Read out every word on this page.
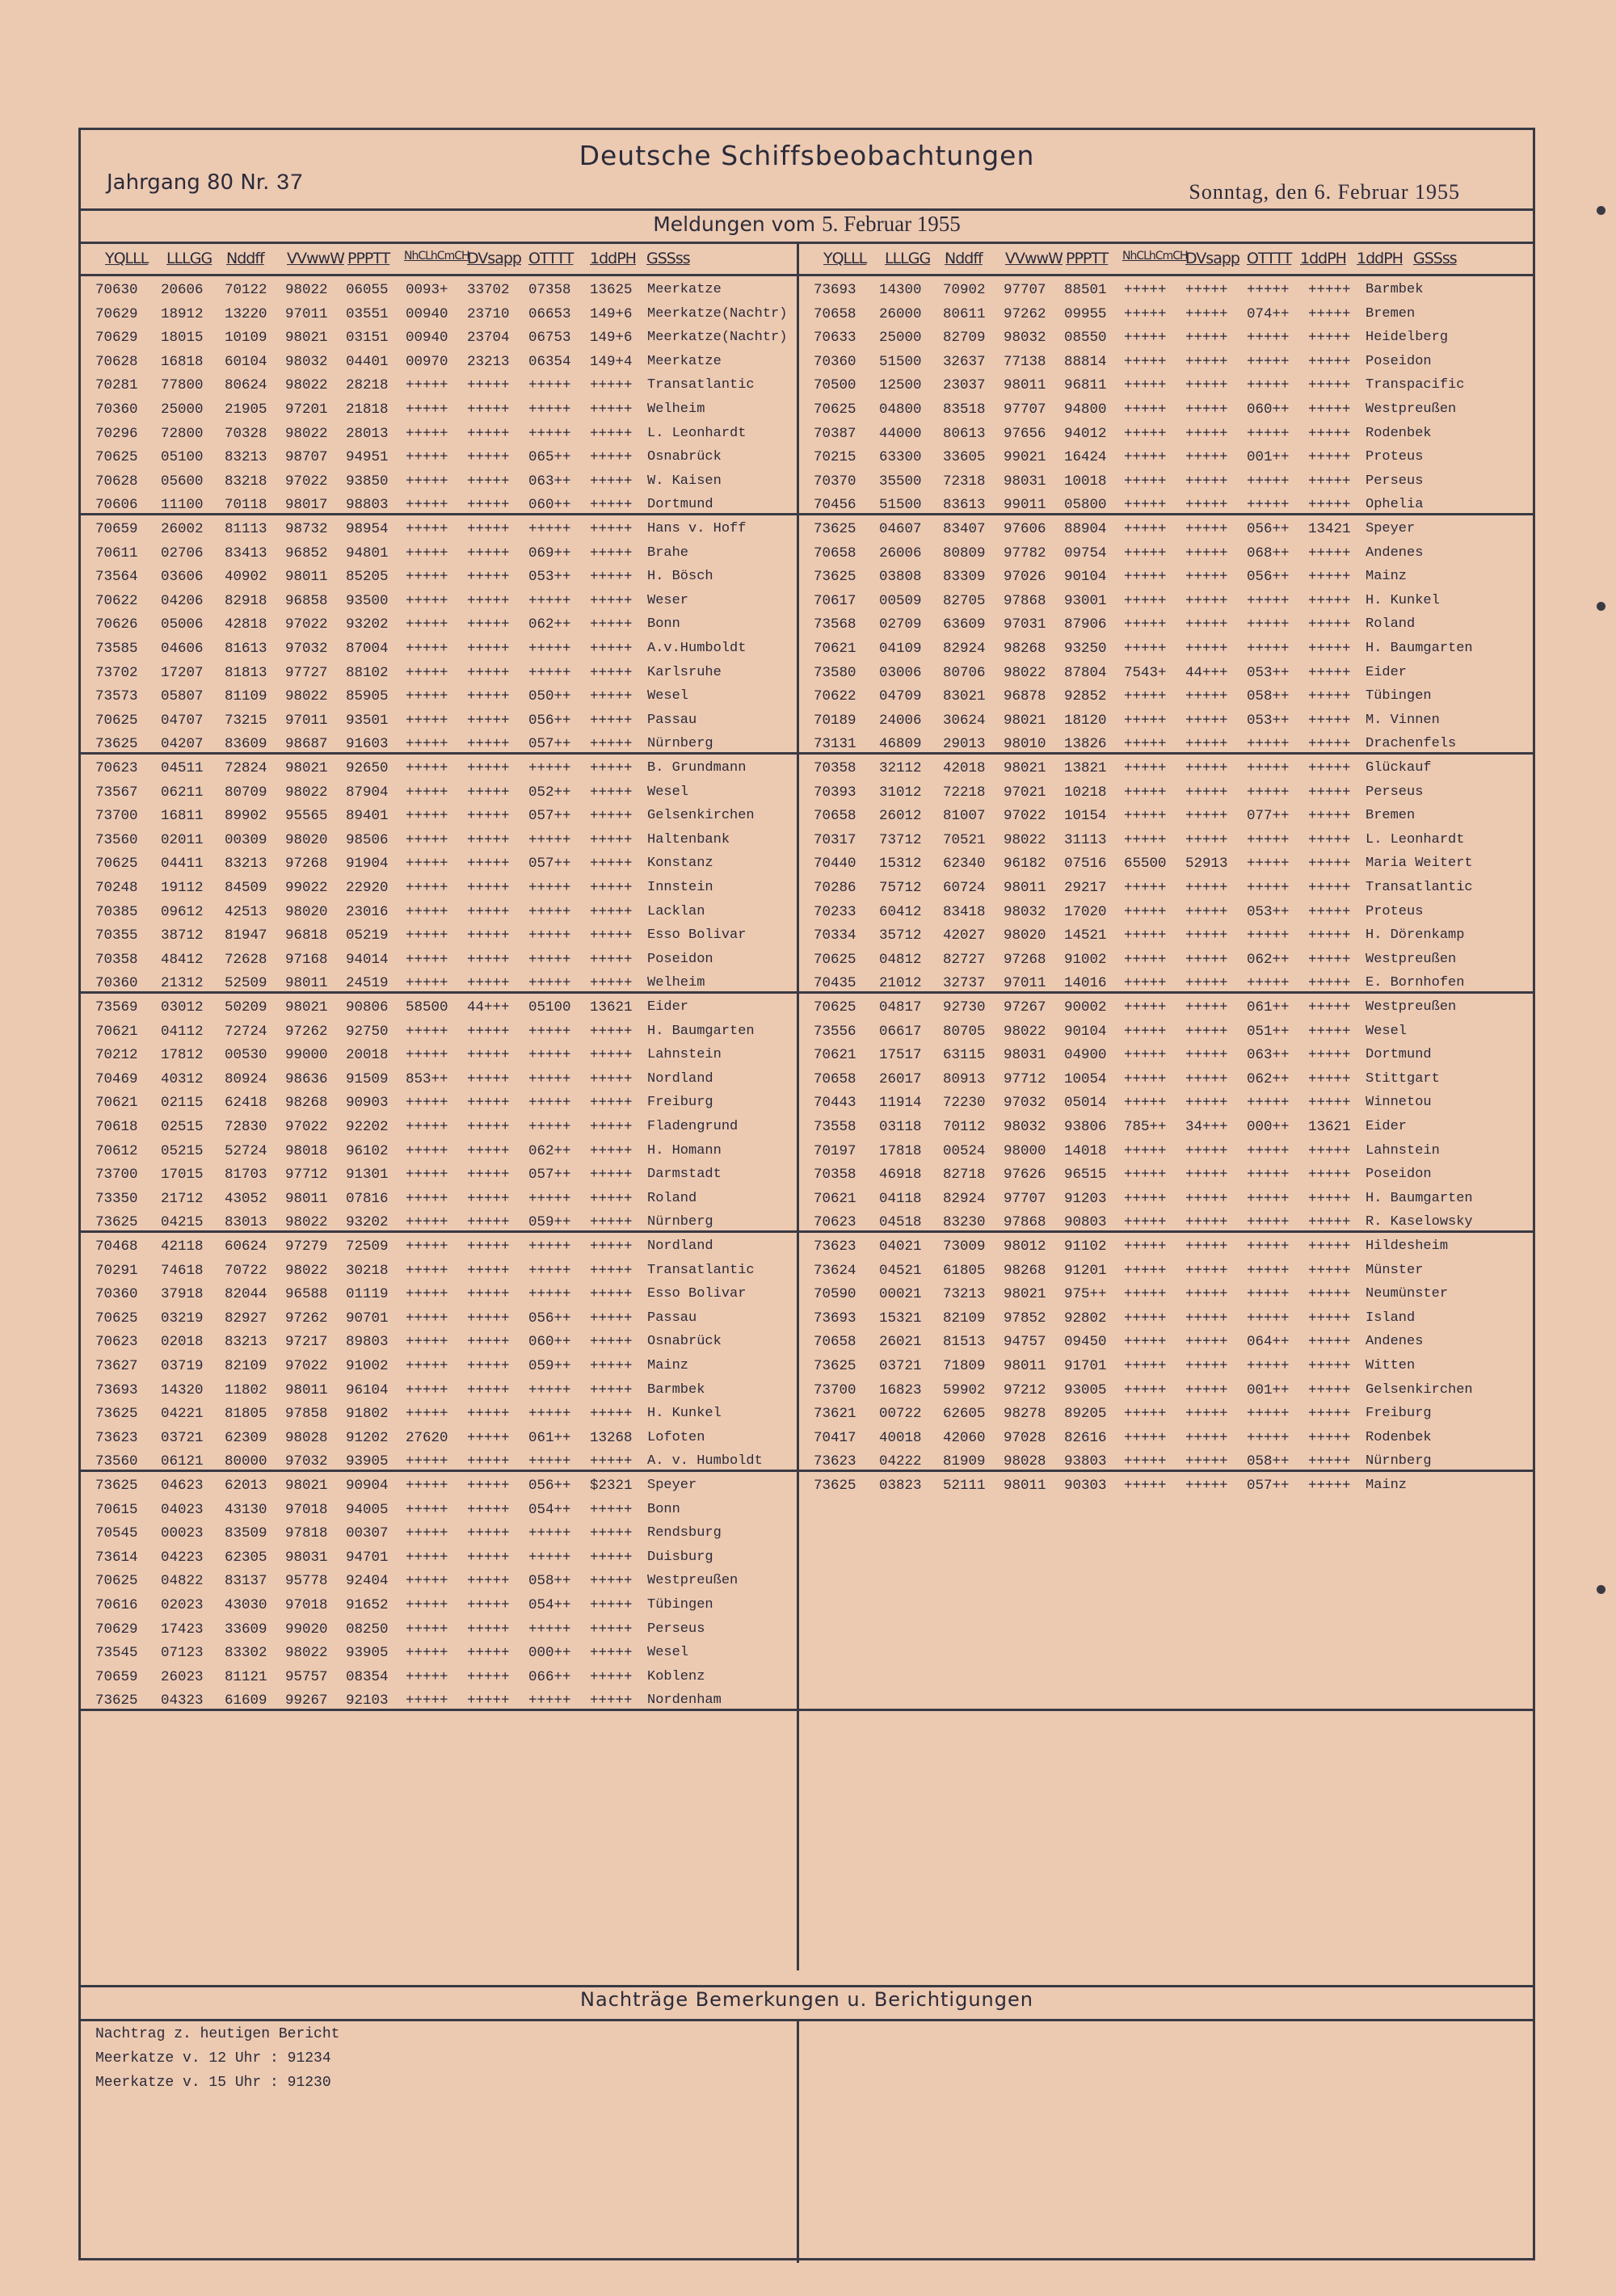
Deutsche Schiffsbeobachtungen
Jahrgang 80 Nr. 37	Sonntag, den 6. Februar 1955
Meldungen vom 5. Februar 1955
YQLLL LLLGG Nddff VVwwW PPPTT NhCLhCmCH
DVsapp OTTTT 1ddPH GSSss	YQLLL LLLGG Nddff VVwwW PPPTT NhCLhCmCH
DVsapp OTTTT 1ddPH 1ddPH GSSss
70630 20606 70122 98022 06055 0093+ 33702 07358 13625 Meerkatze
70629 18912 13220 97011 03551 00940 23710 06653 149+6 Meerkatze(Nachtr)
70629 18015 10109 98021 03151 00940 23704 06753 149+6 Meerkatze(Nachtr)
70628 16818 60104 98032 04401 00970 23213 06354 149+4 Meerkatze
70281 77800 80624 98022 28218 +++++ +++++ +++++ +++++ Transatlantic
70360 25000 21905 97201 21818 +++++ +++++ +++++ +++++ Welheim
70296 72800 70328 98022 28013 +++++ +++++ +++++ +++++ L. Leonhardt
70625 05100 83213 98707 94951 +++++ +++++ 065++ +++++ Osnabrück
70628 05600 83218 97022 93850 +++++ +++++ 063++ +++++ W. Kaisen
70606 11100 70118 98017 98803 +++++ +++++ 060++ +++++ Dortmund
70659 26002 81113 98732 98954 +++++ +++++ +++++ +++++ Hans v. Hoff
70611 02706 83413 96852 94801 +++++ +++++ 069++ +++++ Brahe
73564 03606 40902 98011 85205 +++++ +++++ 053++ +++++ H. Bösch
70622 04206 82918 96858 93500 +++++ +++++ +++++ +++++ Weser
70626 05006 42818 97022 93202 +++++ +++++ 062++ +++++ Bonn
73585 04606 81613 97032 87004 +++++ +++++ +++++ +++++ A.v.Humboldt
73702 17207 81813 97727 88102 +++++ +++++ +++++ +++++ Karlsruhe
73573 05807 81109 98022 85905 +++++ +++++ 050++ +++++ Wesel
70625 04707 73215 97011 93501 +++++ +++++ 056++ +++++ Passau
73625 04207 83609 98687 91603 +++++ +++++ 057++ +++++ Nürnberg
70623 04511 72824 98021 92650 +++++ +++++ +++++ +++++ B. Grundmann
73567 06211 80709 98022 87904 +++++ +++++ 052++ +++++ Wesel
73700 16811 89902 95565 89401 +++++ +++++ 057++ +++++ Gelsenkirchen
73560 02011 00309 98020 98506 +++++ +++++ +++++ +++++ Haltenbank
70625 04411 83213 97268 91904 +++++ +++++ 057++ +++++ Konstanz
70248 19112 84509 99022 22920 +++++ +++++ +++++ +++++ Innstein
70385 09612 42513 98020 23016 +++++ +++++ +++++ +++++ Lacklan
70355 38712 81947 96818 05219 +++++ +++++ +++++ +++++ Esso Bolivar
70358 48412 72628 97168 94014 +++++ +++++ +++++ +++++ Poseidon
70360 21312 52509 98011 24519 +++++ +++++ +++++ +++++ Welheim
73569 03012 50209 98021 90806 58500 44+++ 05100 13621 Eider
70621 04112 72724 97262 92750 +++++ +++++ +++++ +++++ H. Baumgarten
70212 17812 00530 99000 20018 +++++ +++++ +++++ +++++ Lahnstein
70469 40312 80924 98636 91509 853++ +++++ +++++ +++++ Nordland
70621 02115 62418 98268 90903 +++++ +++++ +++++ +++++ Freiburg
70618 02515 72830 97022 92202 +++++ +++++ +++++ +++++ Fladengrund
70612 05215 52724 98018 96102 +++++ +++++ 062++ +++++ H. Homann
73700 17015 81703 97712 91301 +++++ +++++ 057++ +++++ Darmstadt
73350 21712 43052 98011 07816 +++++ +++++ +++++ +++++ Roland
73625 04215 83013 98022 93202 +++++ +++++ 059++ +++++ Nürnberg
70468 42118 60624 97279 72509 +++++ +++++ +++++ +++++ Nordland
70291 74618 70722 98022 30218 +++++ +++++ +++++ +++++ Transatlantic
70360 37918 82044 96588 01119 +++++ +++++ +++++ +++++ Esso Bolivar
70625 03219 82927 97262 90701 +++++ +++++ 056++ +++++ Passau
70623 02018 83213 97217 89803 +++++ +++++ 060++ +++++ Osnabrück
73627 03719 82109 97022 91002 +++++ +++++ 059++ +++++ Mainz
73693 14320 11802 98011 96104 +++++ +++++ +++++ +++++ Barmbek
73625 04221 81805 97858 91802 +++++ +++++ +++++ +++++ H. Kunkel
73623 03721 62309 98028 91202 27620 +++++ 061++ 13268 Lofoten
73560 06121 80000 97032 93905 +++++ +++++ +++++ +++++ A. v. Humboldt
73625 04623 62013 98021 90904 +++++ +++++ 056++ $2321 Speyer
70615 04023 43130 97018 94005 +++++ +++++ 054++ +++++ Bonn
70545 00023 83509 97818 00307 +++++ +++++ +++++ +++++ Rendsburg
73614 04223 62305 98031 94701 +++++ +++++ +++++ +++++ Duisburg
70625 04822 83137 95778 92404 +++++ +++++ 058++ +++++ Westpreußen
70616 02023 43030 97018 91652 +++++ +++++ 054++ +++++ Tübingen
70629 17423 33609 99020 08250 +++++ +++++ +++++ +++++ Perseus
73545 07123 83302 98022 93905 +++++ +++++ 000++ +++++ Wesel
70659 26023 81121 95757 08354 +++++ +++++ 066++ +++++ Koblenz
73625 04323 61609 99267 92103 +++++ +++++ +++++ +++++ Nordenham
73693 14300 70902 97707 88501 +++++ +++++ +++++ +++++ Barmbek
70658 26000 80611 97262 09955 +++++ +++++ 074++ +++++ Bremen
70633 25000 82709 98032 08550 +++++ +++++ +++++ +++++ Heidelberg
70360 51500 32637 77138 88814 +++++ +++++ +++++ +++++ Poseidon
70500 12500 23037 98011 96811 +++++ +++++ +++++ +++++ Transpacific
70625 04800 83518 97707 94800 +++++ +++++ 060++ +++++ Westpreußen
70387 44000 80613 97656 94012 +++++ +++++ +++++ +++++ Rodenbek
70215 63300 33605 99021 16424 +++++ +++++ 001++ +++++ Proteus
70370 35500 72318 98031 10018 +++++ +++++ +++++ +++++ Perseus
70456 51500 83613 99011 05800 +++++ +++++ +++++ +++++ Ophelia
73625 04607 83407 97606 88904 +++++ +++++ 056++ 13421 Speyer
70658 26006 80809 97782 09754 +++++ +++++ 068++ +++++ Andenes
73625 03808 83309 97026 90104 +++++ +++++ 056++ +++++ Mainz
70617 00509 82705 97868 93001 +++++ +++++ +++++ +++++ H. Kunkel
73568 02709 63609 97031 87906 +++++ +++++ +++++ +++++ Roland
70621 04109 82924 98268 93250 +++++ +++++ +++++ +++++ H. Baumgarten
73580 03006 80706 98022 87804 7543+ 44+++ 053++ +++++ Eider
70622 04709 83021 96878 92852 +++++ +++++ 058++ +++++ Tübingen
70189 24006 30624 98021 18120 +++++ +++++ 053++ +++++ M. Vinnen
73131 46809 29013 98010 13826 +++++ +++++ +++++ +++++ Drachenfels
70358 32112 42018 98021 13821 +++++ +++++ +++++ +++++ Glückauf
70393 31012 72218 97021 10218 +++++ +++++ +++++ +++++ Perseus
70658 26012 81007 97022 10154 +++++ +++++ 077++ +++++ Bremen
70317 73712 70521 98022 31113 +++++ +++++ +++++ +++++ L. Leonhardt
70440 15312 62340 96182 07516 65500 52913 +++++ +++++ Maria Weitert
70286 75712 60724 98011 29217 +++++ +++++ +++++ +++++ Transatlantic
70233 60412 83418 98032 17020 +++++ +++++ 053++ +++++ Proteus
70334 35712 42027 98020 14521 +++++ +++++ +++++ +++++ H. Dörenkamp
70625 04812 82727 97268 91002 +++++ +++++ 062++ +++++ Westpreußen
70435 21012 32737 97011 14016 +++++ +++++ +++++ +++++ E. Bornhofen
70625 04817 92730 97267 90002 +++++ +++++ 061++ +++++ Westpreußen
73556 06617 80705 98022 90104 +++++ +++++ 051++ +++++ Wesel
70621 17517 63115 98031 04900 +++++ +++++ 063++ +++++ Dortmund
70658 26017 80913 97712 10054 +++++ +++++ 062++ +++++ Stittgart
70443 11914 72230 97032 05014 +++++ +++++ +++++ +++++ Winnetou
73558 03118 70112 98032 93806 785++ 34+++ 000++ 13621 Eider
70197 17818 00524 98000 14018 +++++ +++++ +++++ +++++ Lahnstein
70358 46918 82718 97626 96515 +++++ +++++ +++++ +++++ Poseidon
70621 04118 82924 97707 91203 +++++ +++++ +++++ +++++ H. Baumgarten
70623 04518 83230 97868 90803 +++++ +++++ +++++ +++++ R. Kaselowsky
73623 04021 73009 98012 91102 +++++ +++++ +++++ +++++ Hildesheim
73624 04521 61805 98268 91201 +++++ +++++ +++++ +++++ Münster
70590 00021 73213 98021 975++ +++++ +++++ +++++ +++++ Neumünster
73693 15321 82109 97852 92802 +++++ +++++ +++++ +++++ Island
70658 26021 81513 94757 09450 +++++ +++++ 064++ +++++ Andenes
73625 03721 71809 98011 91701 +++++ +++++ +++++ +++++ Witten
73700 16823 59902 97212 93005 +++++ +++++ 001++ +++++ Gelsenkirchen
73621 00722 62605 98278 89205 +++++ +++++ +++++ +++++ Freiburg
70417 40018 42060 97028 82616 +++++ +++++ +++++ +++++ Rodenbek
73623 04222 81909 98028 93803 +++++ +++++ 058++ +++++ Nürnberg
73625 03823 52111 98011 90303 +++++ +++++ 057++ +++++ Mainz
Nachträge Bemerkungen u. Berichtigungen
Nachtrag z. heutigen Bericht
Meerkatze v. 12 Uhr : 91234
Meerkatze v. 15 Uhr : 91230
